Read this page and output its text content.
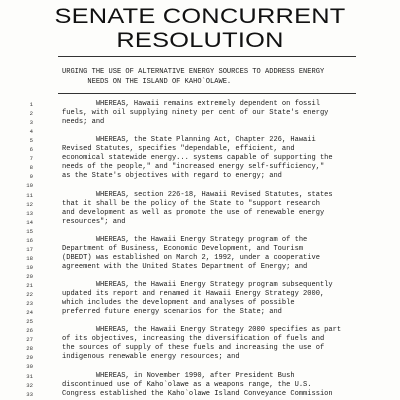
SENATE CONCURRENT
RESOLUTION
URGING THE USE OF ALTERNATIVE ENERGY SOURCES TO ADDRESS ENERGY
NEEDS ON THE ISLAND OF KAHO`OLAWE.
1	WHEREAS, Hawaii remains extremely dependent on fossil
2	fuels, with oil supplying ninety per cent of our State's energy
3	needs; and
4
5	WHEREAS, the State Planning Act, Chapter 226, Hawaii
6	Revised Statutes, specifies "dependable, efficient, and
7	economical statewide energy... systems capable of supporting the
8	needs of the people," and "increased energy self-sufficiency,"
9	as the State's objectives with regard to energy; and
10
11	WHEREAS, section 226-18, Hawaii Revised Statutes, states
12	that it shall be the policy of the State to "support research
13	and development as well as promote the use of renewable energy
14	resources"; and
15
16	WHEREAS, the Hawaii Energy Strategy program of the
17	Department of Business, Economic Development, and Tourism
18	(DBEDT) was established on March 2, 1992, under a cooperative
19	agreement with the United States Department of Energy; and
20
21	WHEREAS, the Hawaii Energy Strategy program subsequently
22	updated its report and renamed it Hawaii Energy Strategy 2000,
23	which includes the development and analyses of possible
24	preferred future energy scenarios for the State; and
25
26	WHEREAS, the Hawaii Energy Strategy 2000 specifies as part
27	of its objectives, increasing the diversification of fuels and
28	the sources of supply of these fuels and increasing the use of
29	indigenous renewable energy resources; and
30
31	WHEREAS, in November 1990, after President Bush
32	discontinued use of Kaho`olawe as a weapons range, the U.S.
33	Congress established the Kaho`olawe Island Conveyance Commission
